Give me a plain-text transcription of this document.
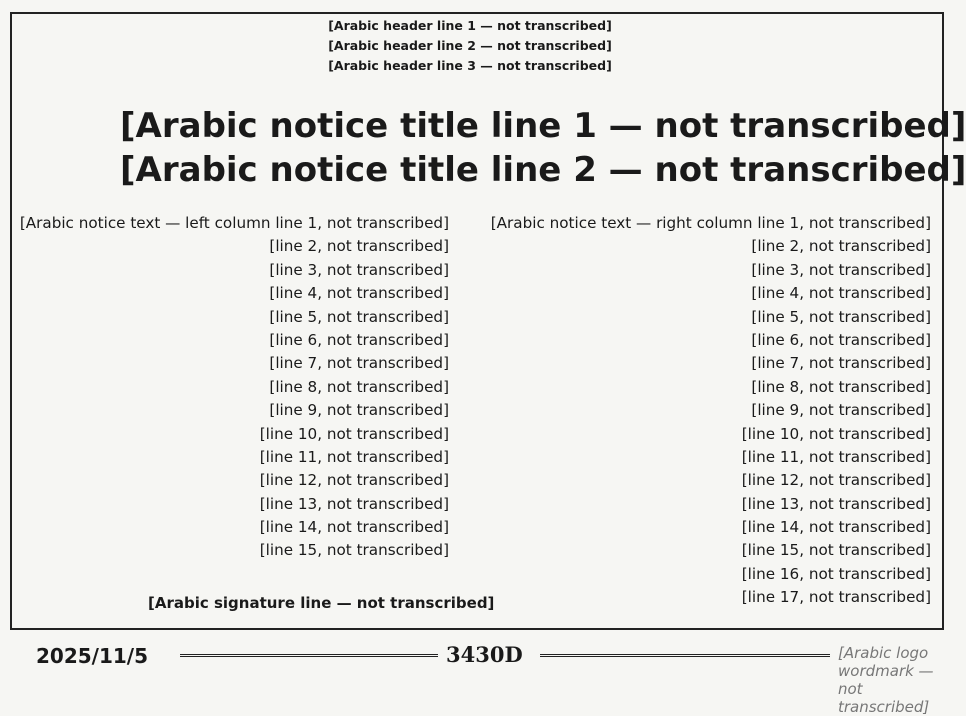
[Arabic header line 1 — not transcribed]
[Arabic header line 2 — not transcribed]
[Arabic header line 3 — not transcribed]
[Arabic notice title line 1 — not transcribed]
[Arabic notice title line 2 — not transcribed]
[Arabic notice text — right column line 1, not transcribed]
[line 2, not transcribed]
[line 3, not transcribed]
[line 4, not transcribed]
[line 5, not transcribed]
[line 6, not transcribed]
[line 7, not transcribed]
[line 8, not transcribed]
[line 9, not transcribed]
[line 10, not transcribed]
[line 11, not transcribed]
[line 12, not transcribed]
[line 13, not transcribed]
[line 14, not transcribed]
[line 15, not transcribed]
[line 16, not transcribed]
[line 17, not transcribed]
[Arabic notice text — left column line 1, not transcribed]
[line 2, not transcribed]
[line 3, not transcribed]
[line 4, not transcribed]
[line 5, not transcribed]
[line 6, not transcribed]
[line 7, not transcribed]
[line 8, not transcribed]
[line 9, not transcribed]
[line 10, not transcribed]
[line 11, not transcribed]
[line 12, not transcribed]
[line 13, not transcribed]
[line 14, not transcribed]
[line 15, not transcribed]
[Arabic signature line — not transcribed]
2025/11/5	3430D	[Arabic logo wordmark — not transcribed]
